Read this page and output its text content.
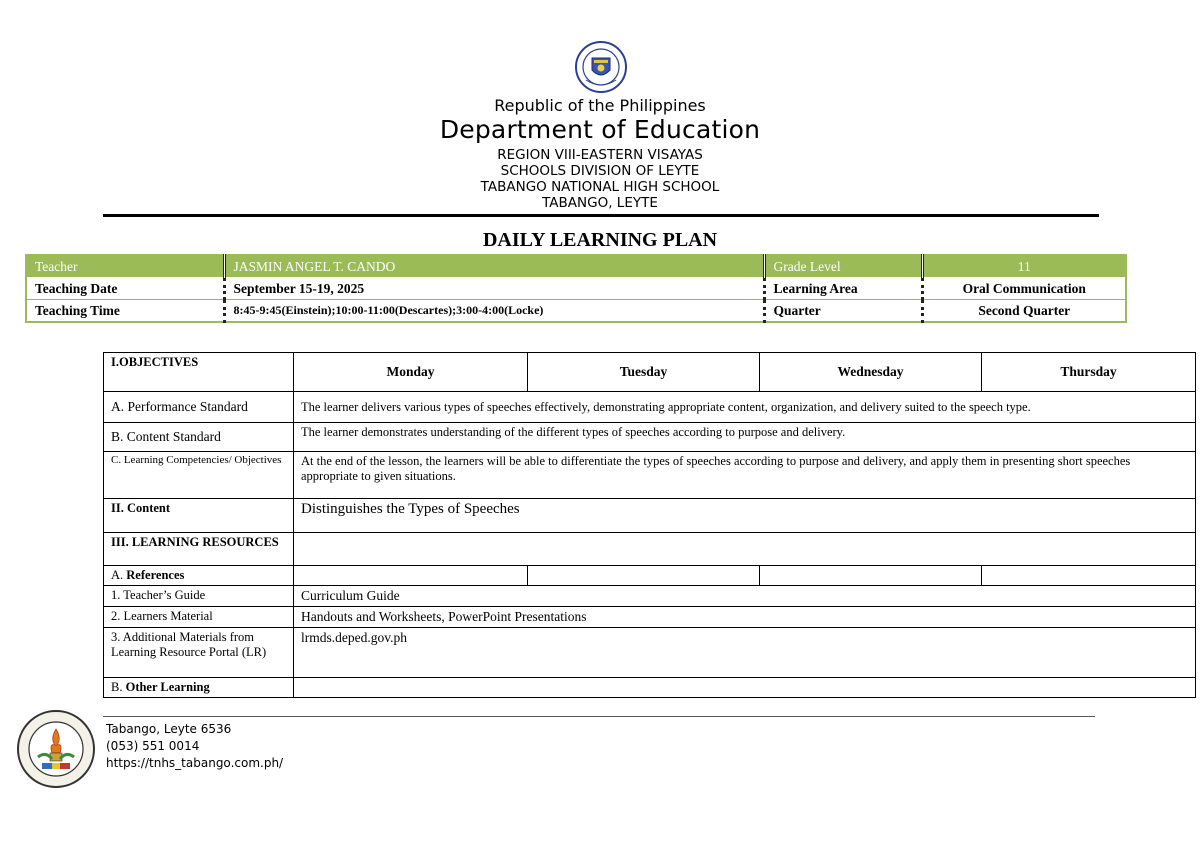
Republic of the Philippines
Department of Education
REGION VIII-EASTERN VISAYAS
SCHOOLS DIVISION OF LEYTE
TABANGO NATIONAL HIGH SCHOOL
TABANGO, LEYTE
DAILY LEARNING PLAN
Teacher	JASMIN ANGEL T. CANDO	Grade Level	11
Teaching Date	September 15-19, 2025	Learning Area	Oral Communication
Teaching Time	8:45-9:45(Einstein);10:00-11:00(Descartes);3:00-4:00(Locke)	Quarter	Second Quarter
I.OBJECTIVES	Monday	Tuesday	Wednesday	Thursday
A. Performance Standard	The learner delivers various types of speeches effectively, demonstrating appropriate content, organization, and delivery suited to the speech type.			
B. Content Standard	The learner demonstrates understanding of the different types of speeches according to purpose and delivery.			
C. Learning Competencies/ Objectives	At the end of the lesson, the learners will be able to differentiate the types of speeches according to purpose and delivery, and apply them in presenting short speeches appropriate to given situations.			
II. Content	Distinguishes the Types of Speeches			
III. LEARNING RESOURCES				
A. References				
1. Teacher’s Guide	Curriculum Guide			
2. Learners Material	Handouts and Worksheets, PowerPoint Presentations			
3. Additional Materials from Learning Resource Portal (LR)	lrmds.deped.gov.ph			
B. Other Learning				
Tabango, Leyte 6536
(053) 551 0014
https://tnhs_tabango.com.ph/
